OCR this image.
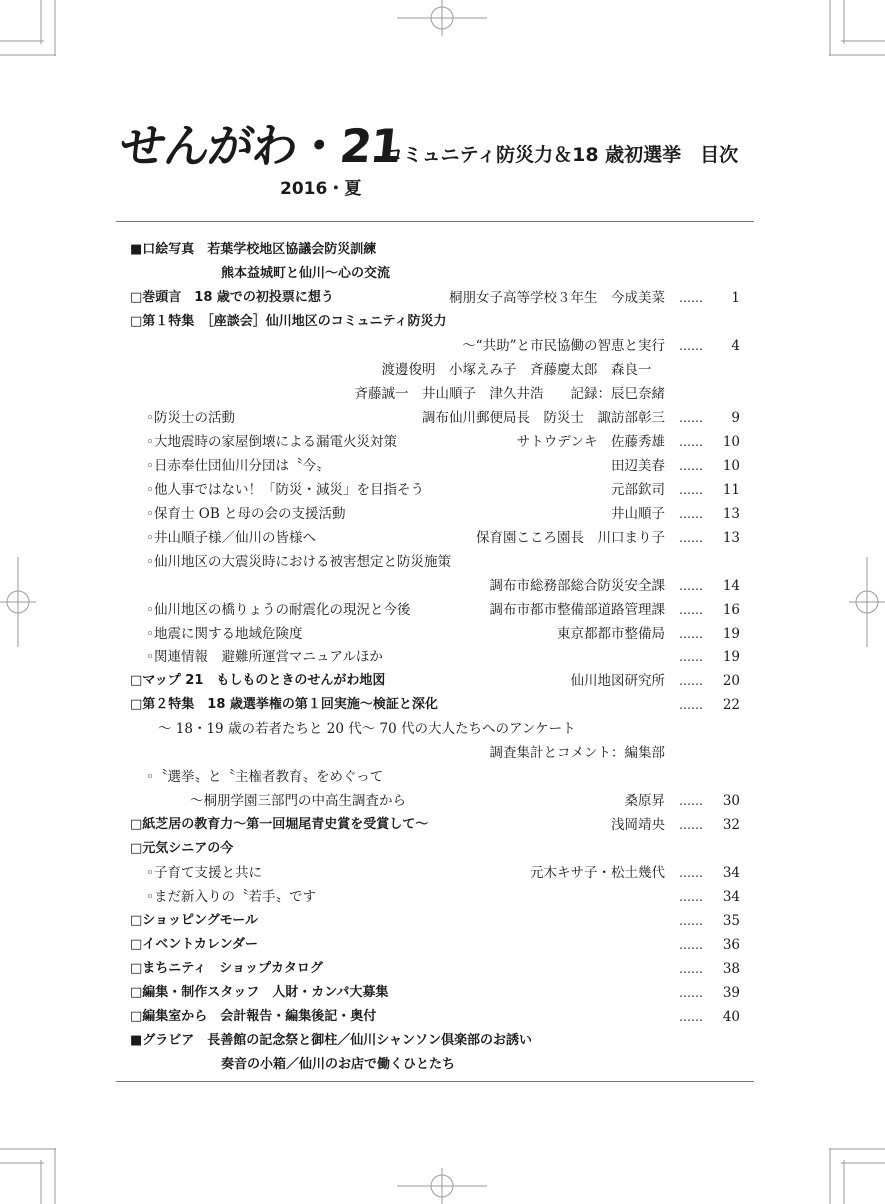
せんがわ・21
2016・夏
コミュニティ防災力＆18 歳初選挙　目次
■口絵写真　若葉学校地区協議会防災訓練
熊本益城町と仙川～心の交流
□巻頭言　18 歳での初投票に想う	桐朋女子高等学校３年生　今成美菜 …… 1
□第１特集　［座談会］仙川地区のコミュニティ防災力
～“共助”と市民協働の智恵と実行 …… 4
渡邊俊明　小塚えみ子　斉藤慶太郎　森良一　
斉藤誠一　井山順子　津久井浩　　記録：辰巳奈緒
◦防災士の活動	調布仙川郵便局長　防災士　諏訪部彰三 …… 9
◦大地震時の家屋倒壊による漏電火災対策	サトウデンキ　佐藤秀雄 …… 10
◦日赤奉仕団仙川分団は〝今〟	田辺美春 …… 10
◦他人事ではない！「防災・減災」を目指そう	元部欽司 …… 11
◦保育士 OB と母の会の支援活動	井山順子 …… 13
◦井山順子様／仙川の皆様へ	保育園こころ園長　川口まり子 …… 13
◦仙川地区の大震災時における被害想定と防災施策
調布市総務部総合防災安全課 …… 14
◦仙川地区の橋りょうの耐震化の現況と今後	調布市都市整備部道路管理課 …… 16
◦地震に関する地域危険度	東京都都市整備局 …… 19
◦関連情報　避難所運営マニュアルほか	…… 19
□マップ 21　もしものときのせんがわ地図	仙川地図研究所 …… 20
□第２特集　18 歳選挙権の第１回実施～検証と深化	…… 22
～ 18・19 歳の若者たちと 20 代～ 70 代の大人たちへのアンケート
調査集計とコメント：編集部
◦〝選挙〟と〝主権者教育〟をめぐって
～桐朋学園三部門の中高生調査から	桑原昇 …… 30
□紙芝居の教育力～第一回堀尾青史賞を受賞して～	浅岡靖央 …… 32
□元気シニアの今
◦子育て支援と共に	元木キサ子・松土幾代 …… 34
◦まだ新入りの〝若手〟です	…… 34
□ショッピングモール	…… 35
□イベントカレンダー	…… 36
□まちニティ　ショップカタログ	…… 38
□編集・制作スタッフ　人財・カンパ大募集	…… 39
□編集室から　会計報告・編集後記・奥付	…… 40
■グラビア　長善館の記念祭と御柱／仙川シャンソン倶楽部のお誘い
奏音の小箱／仙川のお店で働くひとたち
